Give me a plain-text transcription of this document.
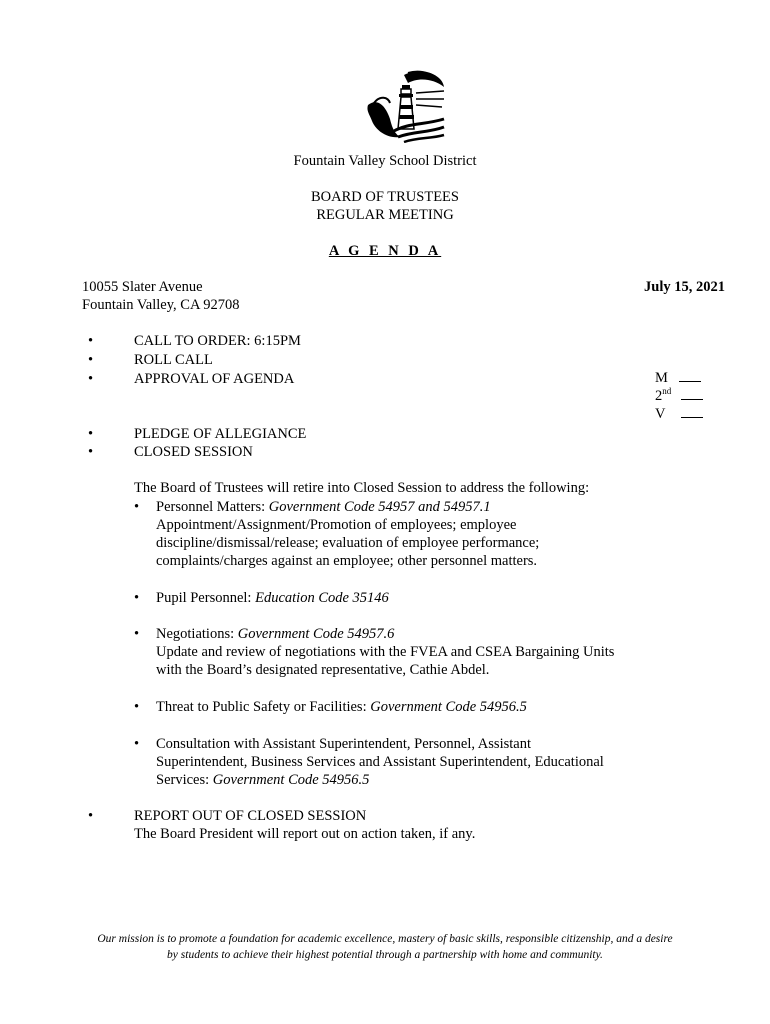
Fountain Valley School District
BOARD OF TRUSTEES
REGULAR MEETING
A G E N D A
10055 Slater Avenue
Fountain Valley, CA 92708
July 15, 2021
•	CALL TO ORDER: 6:15PM
•	ROLL CALL
•	APPROVAL OF AGENDA	M
2nd
V
•	PLEDGE OF ALLEGIANCE
•	CLOSED SESSION
The Board of Trustees will retire into Closed Session to address the following:
• Personnel Matters: Government Code 54957 and 54957.1
Appointment/Assignment/Promotion of employees; employee
discipline/dismissal/release; evaluation of employee performance;
complaints/charges against an employee; other personnel matters.
• Pupil Personnel: Education Code 35146
• Negotiations: Government Code 54957.6
Update and review of negotiations with the FVEA and CSEA Bargaining Units
with the Board’s designated representative, Cathie Abdel.
• Threat to Public Safety or Facilities: Government Code 54956.5
• Consultation with Assistant Superintendent, Personnel, Assistant
Superintendent, Business Services and Assistant Superintendent, Educational
Services: Government Code 54956.5
•	REPORT OUT OF CLOSED SESSION
The Board President will report out on action taken, if any.
Our mission is to promote a foundation for academic excellence, mastery of basic skills, responsible citizenship, and a desire
by students to achieve their highest potential through a partnership with home and community.
